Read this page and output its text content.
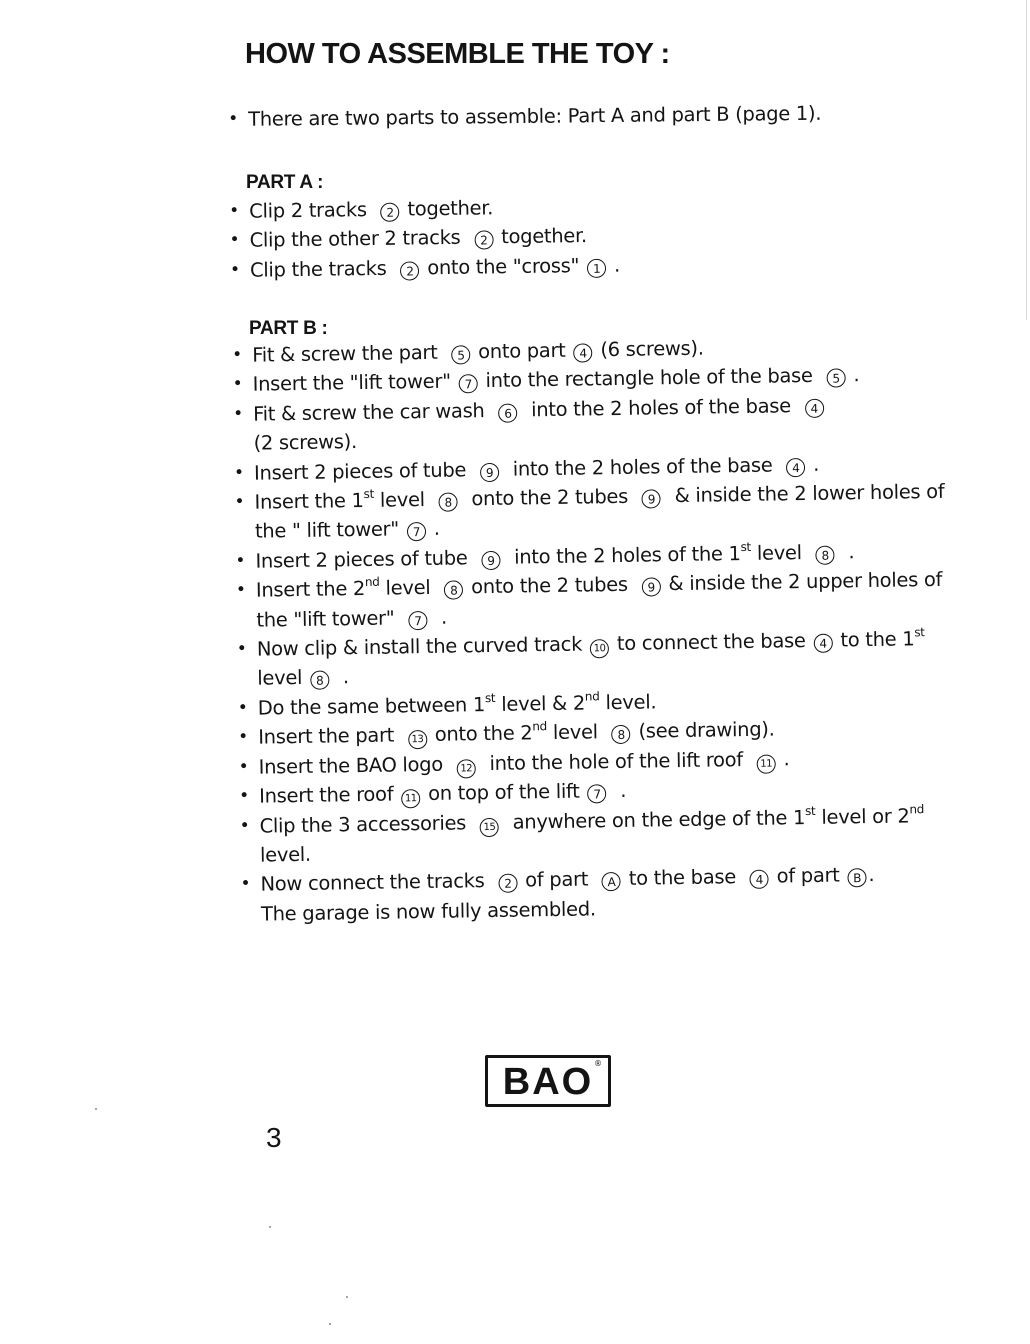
HOW TO ASSEMBLE THE TOY :
• There are two parts to assemble: Part A and part B (page 1).
PART A :
• Clip 2 tracks 2 together.
• Clip the other 2 tracks 2 together.
• Clip the tracks 2 onto the "cross" 1 .
PART B :
• Fit & screw the part 5 onto part 4 (6 screws).
• Insert the "lift tower" 7 into the rectangle hole of the base 5 .
• Fit & screw the car wash 6 into the 2 holes of the base 4
(2 screws).
• Insert 2 pieces of tube 9 into the 2 holes of the base 4 .
• Insert the 1st level 8 onto the 2 tubes 9 & inside the 2 lower holes of the " lift tower" 7 .
• Insert 2 pieces of tube 9 into the 2 holes of the 1st level 8 .
• Insert the 2nd level 8 onto the 2 tubes 9 & inside the 2 upper holes of the "lift tower" 7 .
• Now clip & install the curved track 10 to connect the base 4 to the 1st level 8 .
• Do the same between 1st level & 2nd level.
• Insert the part 13 onto the 2nd level 8 (see drawing).
• Insert the BAO logo 12 into the hole of the lift roof 11 .
• Insert the roof 11 on top of the lift 7 .
• Clip the 3 accessories 15 anywhere on the edge of the 1st level or 2nd level.
• Now connect the tracks 2 of part A to the base 4 of part B .
The garage is now fully assembled.
BAO ®
3
